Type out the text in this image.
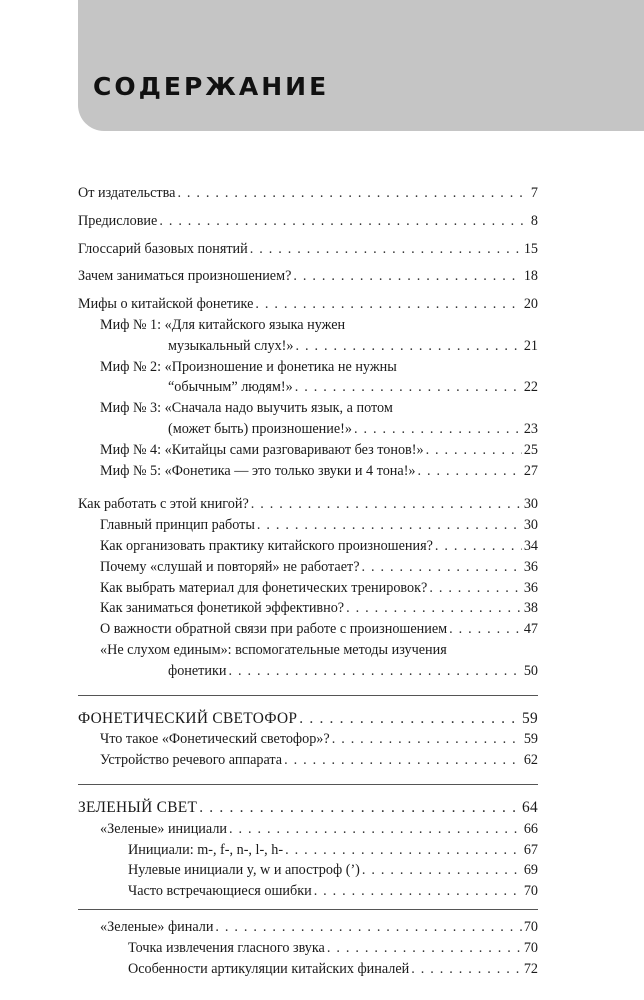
СОДЕРЖАНИЕ
От издательства . . .	7
Предисловие . . .	8
Глоссарий базовых понятий . . .	15
Зачем заниматься произношением? . . .	18
Мифы о китайской фонетике . . .	20
Миф № 1: «Для китайского языка нужен
музыкальный слух!» . . .	21
Миф № 2: «Произношение и фонетика не нужны
“обычным” людям!» . . .	22
Миф № 3: «Сначала надо выучить язык, а потом
(может быть) произношение!» . . .	23
Миф № 4: «Китайцы сами разговаривают без тонов!» . . .	25
Миф № 5: «Фонетика — это только звуки и 4 тона!» . . .	27
Как работать с этой книгой? . . .	30
Главный принцип работы . . .	30
Как организовать практику китайского произношения? . . .	34
Почему «слушай и повторяй» не работает? . . .	36
Как выбрать материал для фонетических тренировок? . . .	36
Как заниматься фонетикой эффективно? . . .	38
О важности обратной связи при работе с произношением . . .	47
«Не слухом единым»: вспомогательные методы изучения
фонетики . . .	50
ФОНЕТИЧЕСКИЙ СВЕТОФОР . . .	59
Что такое «Фонетический светофор»? . . .	59
Устройство речевого аппарата . . .	62
ЗЕЛЕНЫЙ СВЕТ . . .	64
«Зеленые» инициали . . .	66
Инициали: m-, f-, n-, l-, h- . . .	67
Нулевые инициали y, w и апостроф (’) . . .	69
Часто встречающиеся ошибки . . .	70
«Зеленые» финали . . .	70
Точка извлечения гласного звука . . .	70
Особенности артикуляции китайских финалей . . .	72
